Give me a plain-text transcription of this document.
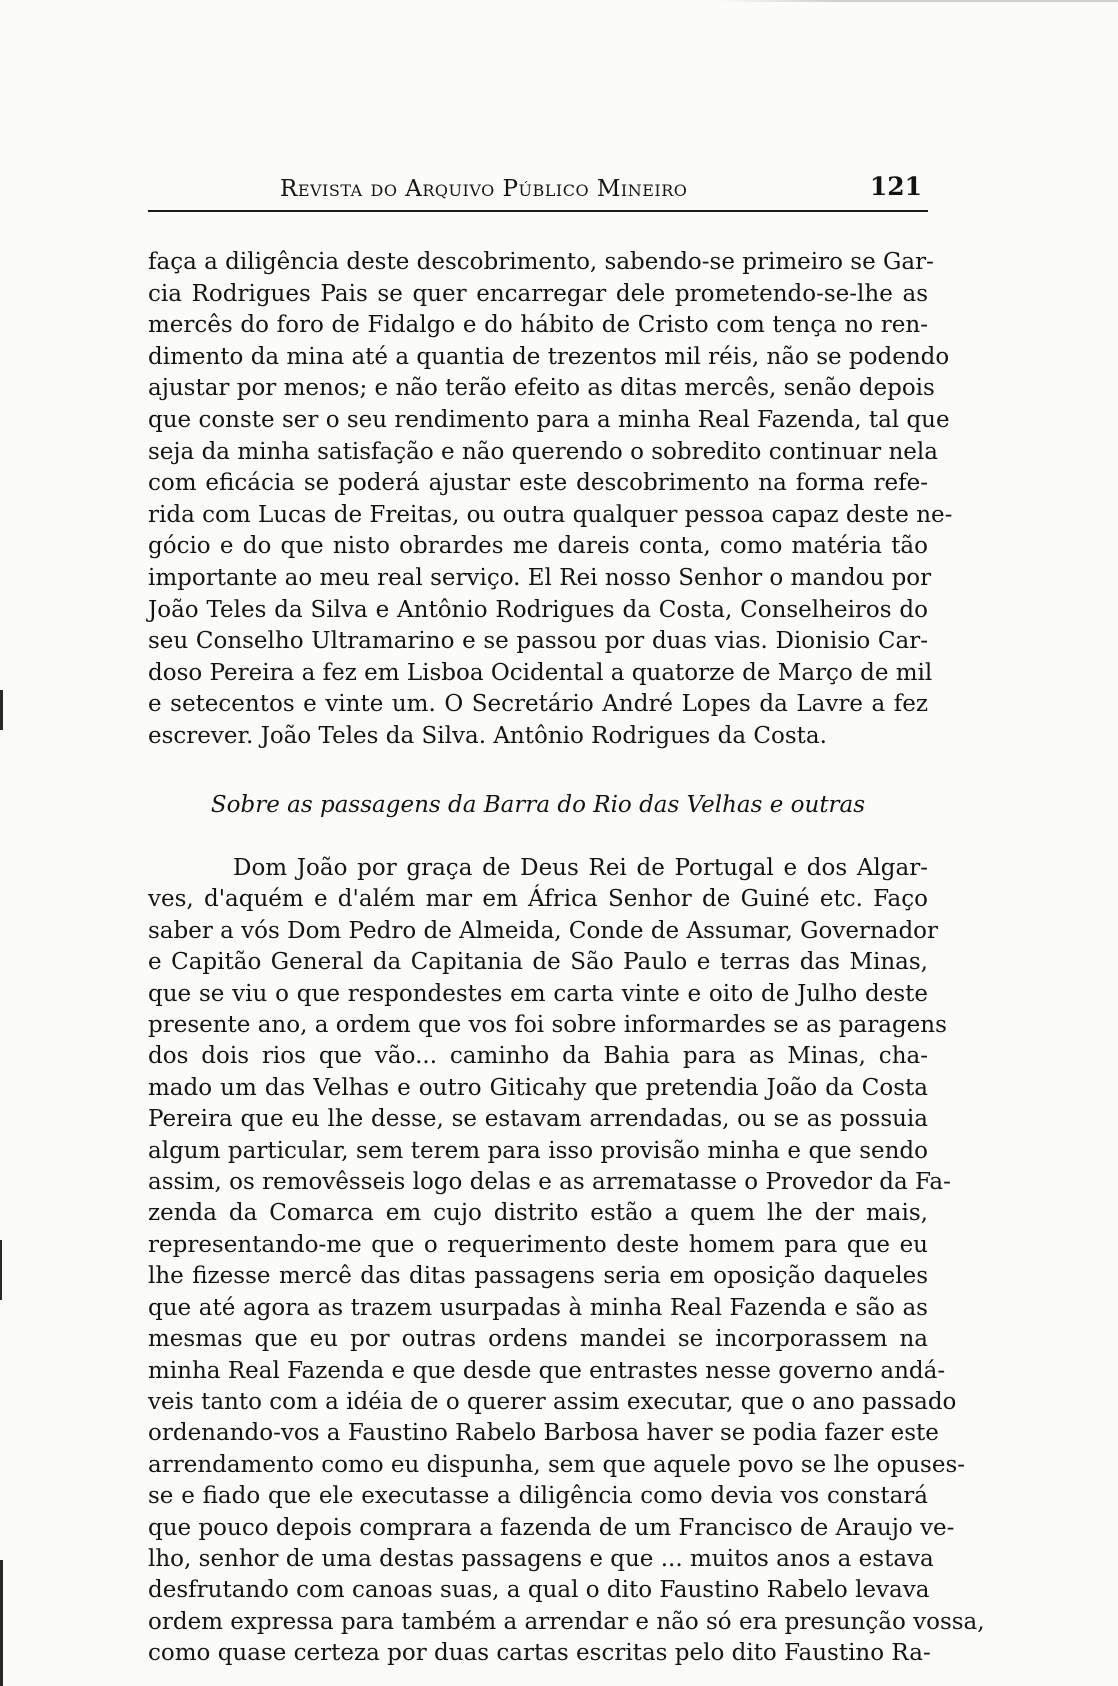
Revista do Arquivo Público Mineiro	121
faça a diligência deste descobrimento, sabendo-se primeiro se Gar-
cia Rodrigues Pais se quer encarregar dele prometendo-se-lhe as
mercês do foro de Fidalgo e do hábito de Cristo com tença no ren-
dimento da mina até a quantia de trezentos mil réis, não se podendo
ajustar por menos; e não terão efeito as ditas mercês, senão depois
que conste ser o seu rendimento para a minha Real Fazenda, tal que
seja da minha satisfação e não querendo o sobredito continuar nela
com eficácia se poderá ajustar este descobrimento na forma refe-
rida com Lucas de Freitas, ou outra qualquer pessoa capaz deste ne-
gócio e do que nisto obrardes me dareis conta, como matéria tão
importante ao meu real serviço. El Rei nosso Senhor o mandou por
João Teles da Silva e Antônio Rodrigues da Costa, Conselheiros do
seu Conselho Ultramarino e se passou por duas vias. Dionisio Car-
doso Pereira a fez em Lisboa Ocidental a quatorze de Março de mil
e setecentos e vinte um. O Secretário André Lopes da Lavre a fez
escrever. João Teles da Silva. Antônio Rodrigues da Costa.
Sobre as passagens da Barra do Rio das Velhas e outras
Dom João por graça de Deus Rei de Portugal e dos Algar-
ves, d'aquém e d'além mar em África Senhor de Guiné etc. Faço
saber a vós Dom Pedro de Almeida, Conde de Assumar, Governador
e Capitão General da Capitania de São Paulo e terras das Minas,
que se viu o que respondestes em carta vinte e oito de Julho deste
presente ano, a ordem que vos foi sobre informardes se as paragens
dos dois rios que vão... caminho da Bahia para as Minas, cha-
mado um das Velhas e outro Giticahy que pretendia João da Costa
Pereira que eu lhe desse, se estavam arrendadas, ou se as possuia
algum particular, sem terem para isso provisão minha e que sendo
assim, os removêsseis logo delas e as arrematasse o Provedor da Fa-
zenda da Comarca em cujo distrito estão a quem lhe der mais,
representando-me que o requerimento deste homem para que eu
lhe fizesse mercê das ditas passagens seria em oposição daqueles
que até agora as trazem usurpadas à minha Real Fazenda e são as
mesmas que eu por outras ordens mandei se incorporassem na
minha Real Fazenda e que desde que entrastes nesse governo andá-
veis tanto com a idéia de o querer assim executar, que o ano passado
ordenando-vos a Faustino Rabelo Barbosa haver se podia fazer este
arrendamento como eu dispunha, sem que aquele povo se lhe opuses-
se e fiado que ele executasse a diligência como devia vos constará
que pouco depois comprara a fazenda de um Francisco de Araujo ve-
lho, senhor de uma destas passagens e que ... muitos anos a estava
desfrutando com canoas suas, a qual o dito Faustino Rabelo levava
ordem expressa para também a arrendar e não só era presunção vossa,
como quase certeza por duas cartas escritas pelo dito Faustino Ra-
